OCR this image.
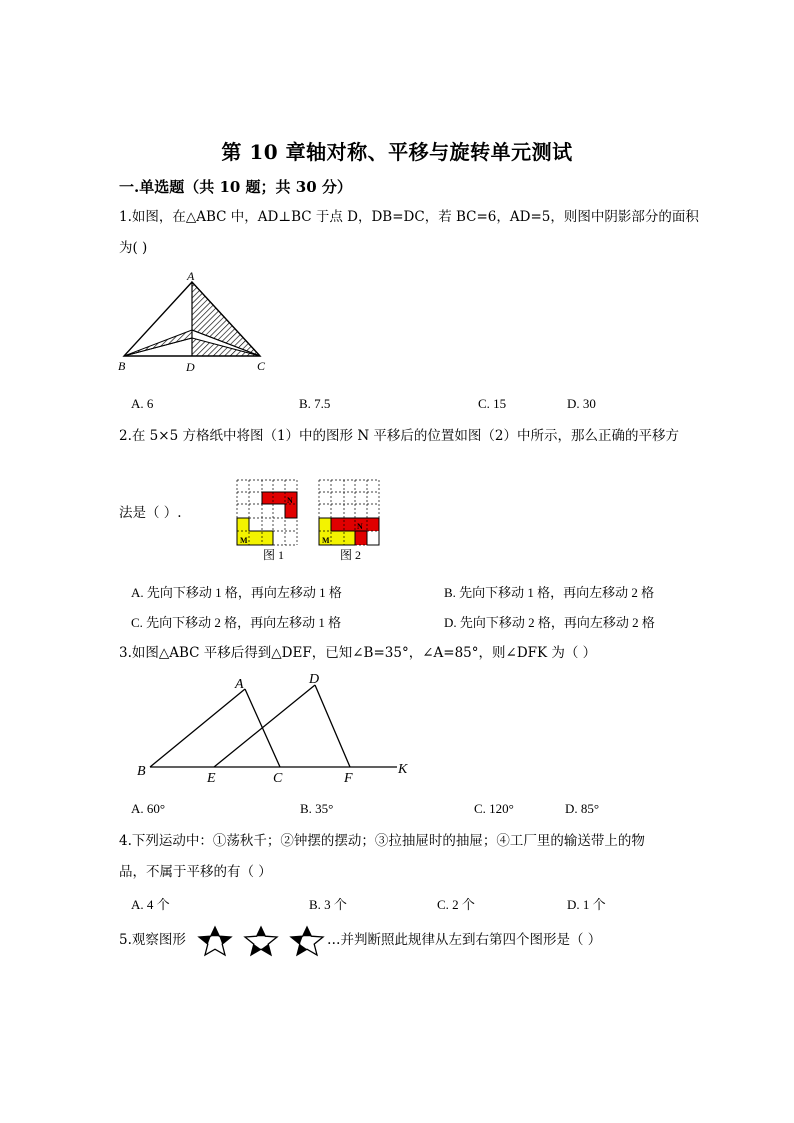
第 10 章轴对称、平移与旋转单元测试
一.单选题（共 10 题；共 30 分）
1.如图，在△ABC 中，AD⊥BC 于点 D，DB=DC，若 BC=6，AD=5，则图中阴影部分的面积
为( )
A
B	D	C
A. 6	B. 7.5	C. 15	D. 30
2.在 5×5 方格纸中将图（1）中的图形 N 平移后的位置如图（2）中所示，那么正确的平移方
法是（ ）.
N
M
图 1
N
M
图 2
A. 先向下移动 1 格，再向左移动 1 格	B. 先向下移动 1 格，再向左移动 2 格
C. 先向下移动 2 格，再向左移动 1 格	D. 先向下移动 2 格，再向左移动 2 格
3.如图△ABC 平移后得到△DEF，已知∠B=35°，∠A=85°，则∠DFK 为（ ）
A	D
B	E	C	F
K
A. 60°	B. 35°	C. 120°	D. 85°
4.下列运动中：①荡秋千；②钟摆的摆动；③拉抽屉时的抽屉；④工厂里的输送带上的物
品，不属于平移的有（ ）
A. 4 个	B. 3 个	C. 2 个	D. 1 个
5.观察图形	…并判断照此规律从左到右第四个图形是（ ）
